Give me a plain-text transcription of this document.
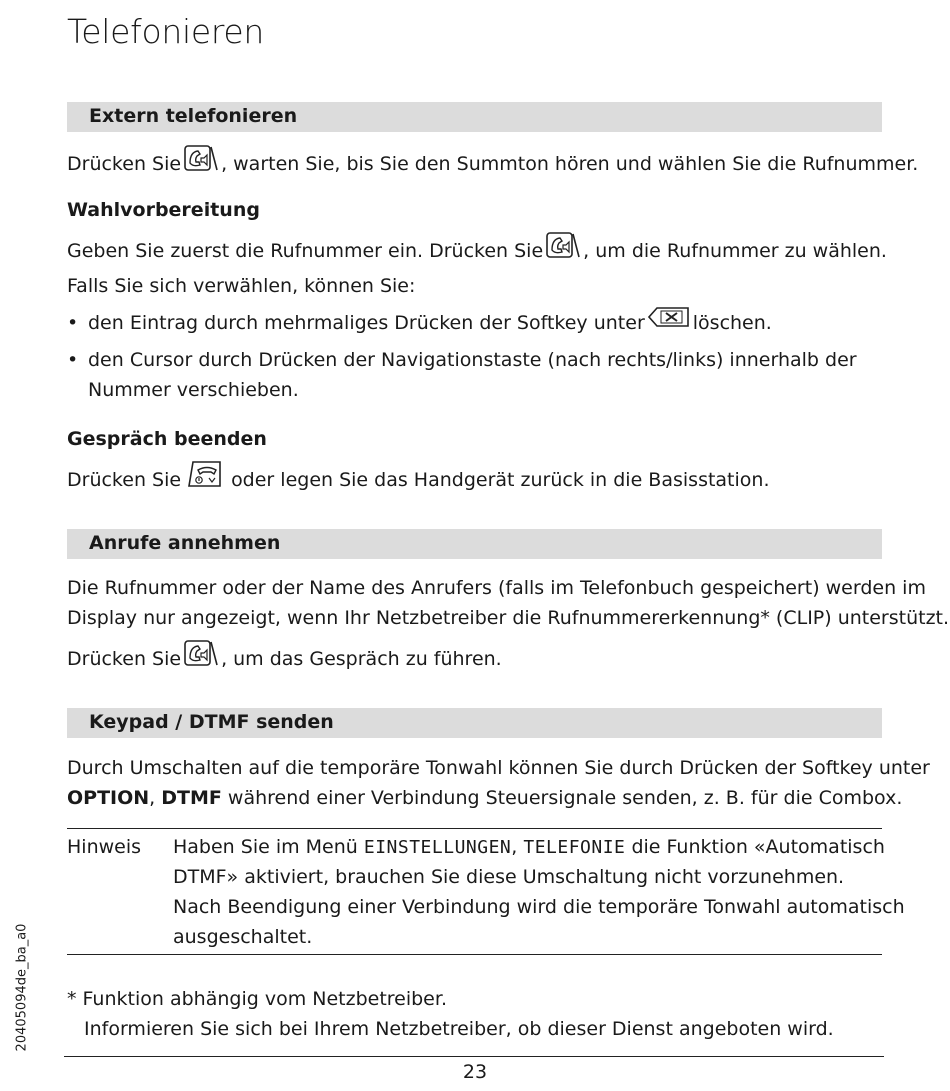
Telefonieren
Extern telefonieren
Drücken Sie , warten Sie, bis Sie den Summton hören und wählen Sie die Rufnummer.
Wahlvorbereitung
Geben Sie zuerst die Rufnummer ein. Drücken Sie , um die Rufnummer zu wählen.
Falls Sie sich verwählen, können Sie:
• den Eintrag durch mehrmaliges Drücken der Softkey unter	löschen.
• den Cursor durch Drücken der Navigationstaste (nach rechts/links) innerhalb der
Nummer verschieben.
Gespräch beenden
Drücken Sie	oder legen Sie das Handgerät zurück in die Basisstation.
Anrufe annehmen
Die Rufnummer oder der Name des Anrufers (falls im Telefonbuch gespeichert) werden im
Display nur angezeigt, wenn Ihr Netzbetreiber die Rufnummererkennung* (CLIP) unterstützt.
Drücken Sie , um das Gespräch zu führen.
Keypad / DTMF senden
Durch Umschalten auf die temporäre Tonwahl können Sie durch Drücken der Softkey unter
OPTION, DTMF während einer Verbindung Steuersignale senden, z. B. für die Combox.
Hinweis Haben Sie im Menü EINSTELLUNGEN, TELEFONIE die Funktion «Automatisch
DTMF» aktiviert, brauchen Sie diese Umschaltung nicht vorzunehmen.
Nach Beendigung einer Verbindung wird die temporäre Tonwahl automatisch
ausgeschaltet.
* Funktion abhängig vom Netzbetreiber.
Informieren Sie sich bei Ihrem Netzbetreiber, ob dieser Dienst angeboten wird.
23
20405094de_ba_a0
